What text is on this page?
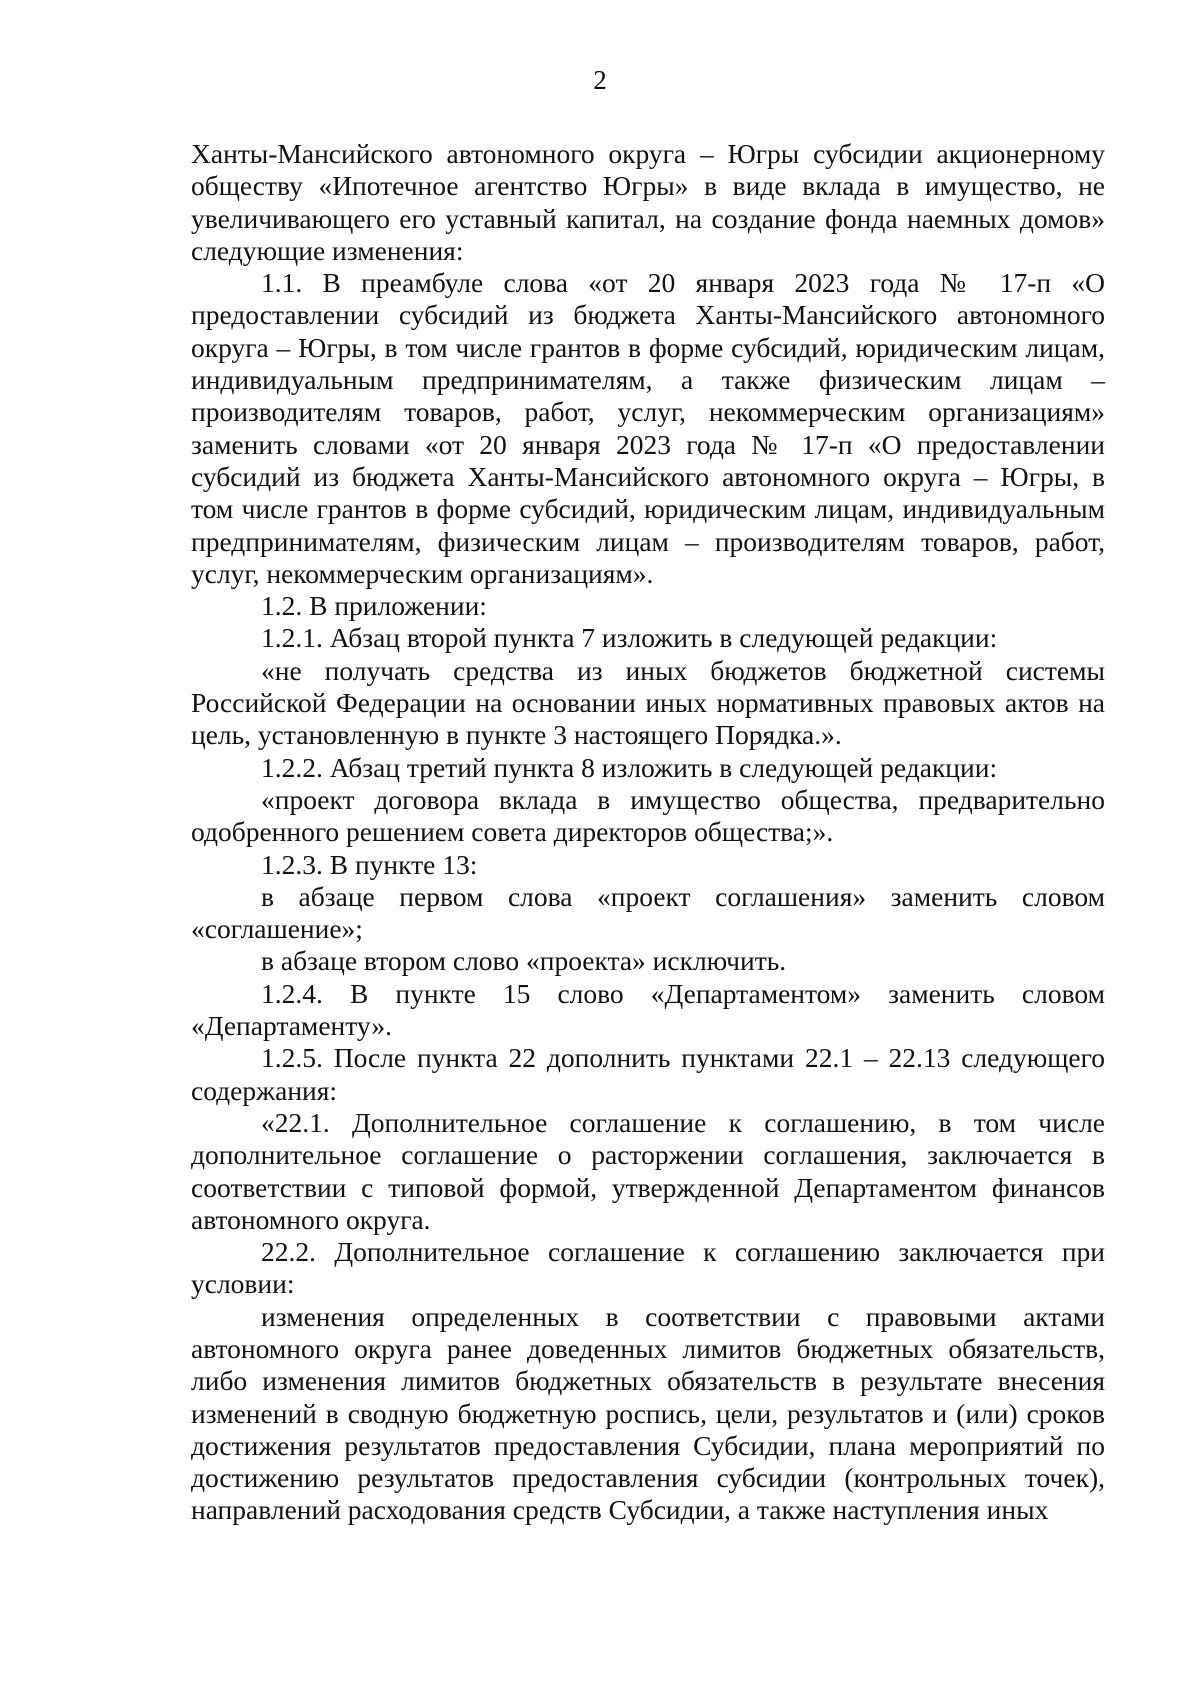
2

Ханты-Мансийского автономного округа – Югры субсидии акционерному обществу «Ипотечное агентство Югры» в виде вклада в имущество, не увеличивающего его уставный капитал, на создание фонда наемных домов» следующие изменения:

1.1. В преамбуле слова «от 20 января 2023 года № 17-п «О предоставлении субсидий из бюджета Ханты-Мансийского автономного округа – Югры, в том числе грантов в форме субсидий, юридическим лицам, индивидуальным предпринимателям, а также физическим лицам – производителям товаров, работ, услуг, некоммерческим организациям» заменить словами «от 20 января 2023 года № 17-п «О предоставлении субсидий из бюджета Ханты-Мансийского автономного округа – Югры, в том числе грантов в форме субсидий, юридическим лицам, индивидуальным предпринимателям, физическим лицам – производителям товаров, работ, услуг, некоммерческим организациям».

1.2. В приложении:

1.2.1. Абзац второй пункта 7 изложить в следующей редакции:

«не получать средства из иных бюджетов бюджетной системы Российской Федерации на основании иных нормативных правовых актов на цель, установленную в пункте 3 настоящего Порядка.».

1.2.2. Абзац третий пункта 8 изложить в следующей редакции:

«проект договора вклада в имущество общества, предварительно одобренного решением совета директоров общества;».

1.2.3. В пункте 13:

в абзаце первом слова «проект соглашения» заменить словом «соглашение»;

в абзаце втором слово «проекта» исключить.

1.2.4. В пункте 15 слово «Департаментом» заменить словом «Департаменту».

1.2.5. После пункта 22 дополнить пунктами 22.1 – 22.13 следующего содержания:

«22.1. Дополнительное соглашение к соглашению, в том числе дополнительное соглашение о расторжении соглашения, заключается в соответствии с типовой формой, утвержденной Департаментом финансов автономного округа.

22.2. Дополнительное соглашение к соглашению заключается при условии:

изменения определенных в соответствии с правовыми актами автономного округа ранее доведенных лимитов бюджетных обязательств, либо изменения лимитов бюджетных обязательств в результате внесения изменений в сводную бюджетную роспись, цели, результатов и (или) сроков достижения результатов предоставления Субсидии, плана мероприятий по достижению результатов предоставления субсидии (контрольных точек), направлений расходования средств Субсидии, а также наступления иных
